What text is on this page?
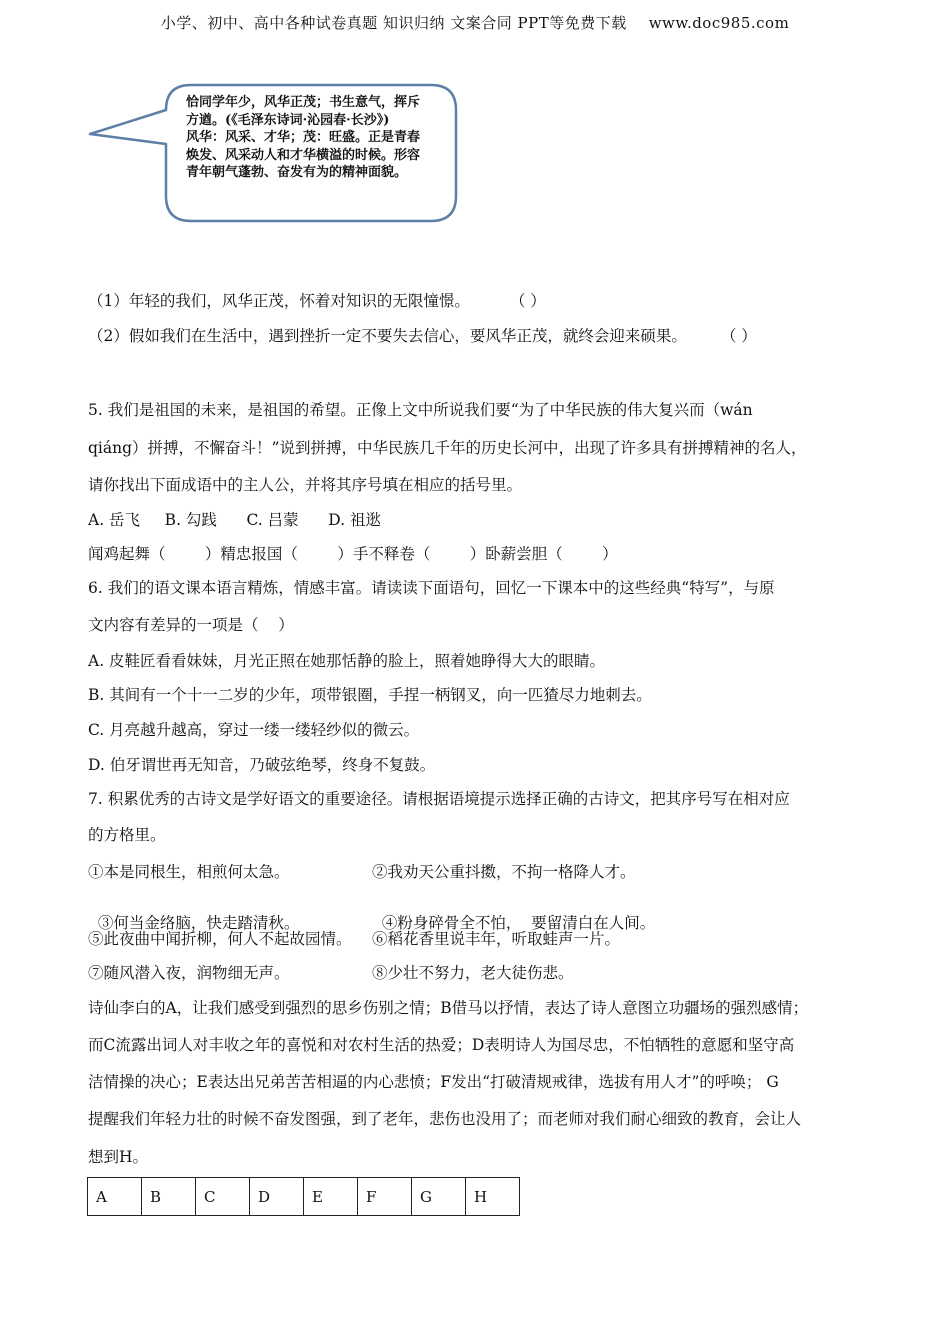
小学、初中、高中各种试卷真题 知识归纳 文案合同 PPT等免费下载 www.doc985.com
恰同学年少，风华正茂；书生意气，挥斥
方遒。(《毛泽东诗词·沁园春·长沙》)
风华：风采、才华；茂：旺盛。正是青春
焕发、风采动人和才华横溢的时候。形容
青年朝气蓬勃、奋发有为的精神面貌。
（1）年轻的我们，风华正茂，怀着对知识的无限憧憬。	（ ）
（2）假如我们在生活中，遇到挫折一定不要失去信心，要风华正茂，就终会迎来硕果。 （ ）
5. 我们是祖国的未来，是祖国的希望。正像上文中所说我们要“为了中华民族的伟大复兴而（wán
qiáng）拼搏，不懈奋斗！”说到拼搏，中华民族几千年的历史长河中，出现了许多具有拼搏精神的名人，
请你找出下面成语中的主人公，并将其序号填在相应的括号里。
A. 岳飞     B. 勾践      C. 吕蒙      D. 祖逖
闻鸡起舞（        ）精忠报国（        ）手不释卷（        ）卧薪尝胆（        ）
6. 我们的语文课本语言精炼，情感丰富。请读读下面语句，回忆一下课本中的这些经典“特写”，与原
文内容有差异的一项是（    ）
A. 皮鞋匠看看妹妹，月光正照在她那恬静的脸上，照着她睁得大大的眼睛。
B. 其间有一个十一二岁的少年，项带银圈，手捏一柄钢叉，向一匹猹尽力地刺去。
C. 月亮越升越高，穿过一缕一缕轻纱似的微云。
D. 伯牙谓世再无知音，乃破弦绝琴，终身不复鼓。
7. 积累优秀的古诗文是学好语文的重要途径。请根据语境提示选择正确的古诗文，把其序号写在相对应
的方格里。
①本是同根生，相煎何太急。	②我劝天公重抖擞，不拘一格降人才。

③何当金络脑，快走踏清秋。	④粉身碎骨全不怕，  要留清白在人间。

⑤此夜曲中闻折柳，何人不起故园情。 ⑥稻花香里说丰年，听取蛙声一片。
⑦随风潜入夜，润物细无声。	⑧少壮不努力，老大徒伤悲。
诗仙李白的A，让我们感受到强烈的思乡伤别之情；B借马以抒情，表达了诗人意图立功疆场的强烈感情；
而C流露出词人对丰收之年的喜悦和对农村生活的热爱；D表明诗人为国尽忠，不怕牺牲的意愿和坚守高
洁情操的决心；E表达出兄弟苦苦相逼的内心悲愤；F发出“打破清规戒律，选拔有用人才”的呼唤； G
提醒我们年轻力壮的时候不奋发图强，到了老年，悲伤也没用了；而老师对我们耐心细致的教育，会让人
想到H。
A	B	C	D	E	F	G	H
